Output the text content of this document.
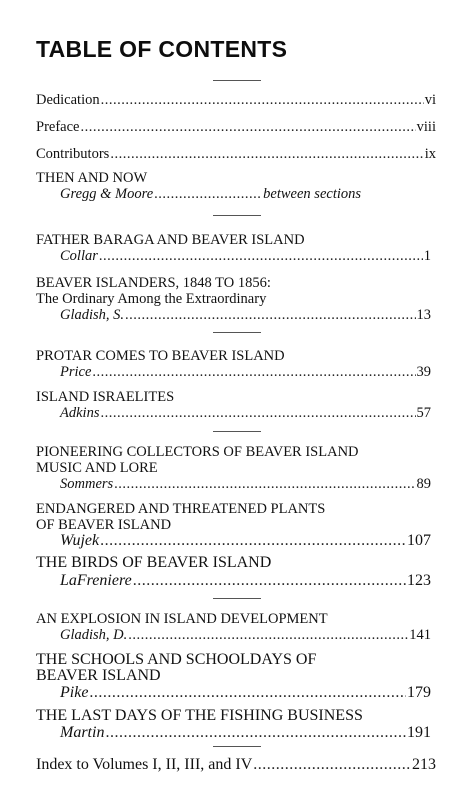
TABLE OF CONTENTS
Dedication .....	vi
Preface .....	viii
Contributors .....	ix
THEN AND NOW
Gregg & Moore .....	between sections
FATHER BARAGA AND BEAVER ISLAND
Collar .....	1
BEAVER ISLANDERS, 1848 TO 1856:
The Ordinary Among the Extraordinary
Gladish, S. .....	13
PROTAR COMES TO BEAVER ISLAND
Price .....	39
ISLAND ISRAELITES
Adkins .....	57
PIONEERING COLLECTORS OF BEAVER ISLAND
MUSIC AND LORE
Sommers .....	89
ENDANGERED AND THREATENED PLANTS
OF BEAVER ISLAND
Wujek .....	107
THE BIRDS OF BEAVER ISLAND
LaFreniere .....	123
AN EXPLOSION IN ISLAND DEVELOPMENT
Gladish, D. .....	141
THE SCHOOLS AND SCHOOLDAYS OF
BEAVER ISLAND
Pike .....	179
THE LAST DAYS OF THE FISHING BUSINESS
Martin .....	191
Index to Volumes I, II, III, and IV .....	213
